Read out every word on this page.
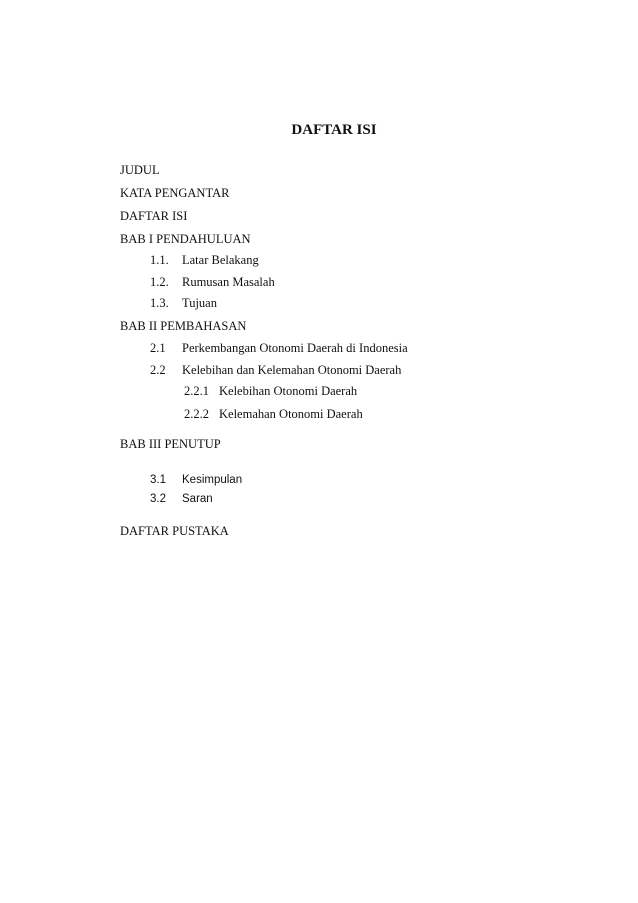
DAFTAR ISI
JUDUL
KATA PENGANTAR
DAFTAR ISI
BAB I PENDAHULUAN
1.1. Latar Belakang
1.2. Rumusan Masalah
1.3. Tujuan
BAB II PEMBAHASAN
2.1 Perkembangan Otonomi Daerah di Indonesia
2.2 Kelebihan dan Kelemahan Otonomi Daerah
2.2.1 Kelebihan Otonomi Daerah
2.2.2 Kelemahan Otonomi Daerah
BAB III PENUTUP
3.1 Kesimpulan
3.2 Saran
DAFTAR PUSTAKA
